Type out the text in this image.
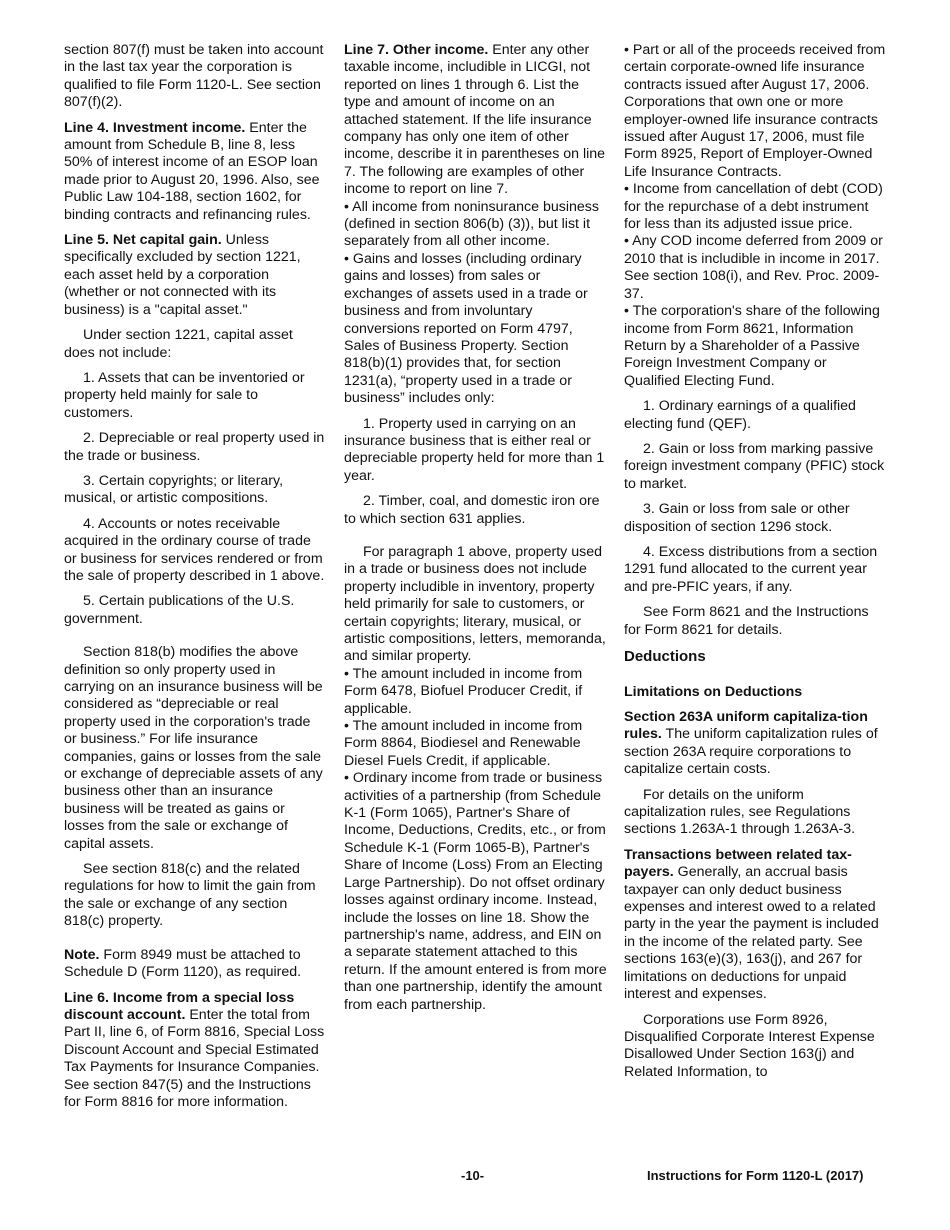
section 807(f) must be taken into account in the last tax year the corporation is qualified to file Form 1120-L. See section 807(f)(2).

Line 4. Investment income. Enter the amount from Schedule B, line 8, less 50% of interest income of an ESOP loan made prior to August 20, 1996. Also, see Public Law 104-188, section 1602, for binding contracts and refinancing rules.

Line 5. Net capital gain. Unless specifically excluded by section 1221, each asset held by a corporation (whether or not connected with its business) is a "capital asset."

Under section 1221, capital asset does not include:

1. Assets that can be inventoried or property held mainly for sale to customers.

2. Depreciable or real property used in the trade or business.

3. Certain copyrights; or literary, musical, or artistic compositions.

4. Accounts or notes receivable acquired in the ordinary course of trade or business for services rendered or from the sale of property described in 1 above.

5. Certain publications of the U.S. government.

Section 818(b) modifies the above definition so only property used in carrying on an insurance business will be considered as “depreciable or real property used in the corporation's trade or business.” For life insurance companies, gains or losses from the sale or exchange of depreciable assets of any business other than an insurance business will be treated as gains or losses from the sale or exchange of capital assets.

See section 818(c) and the related regulations for how to limit the gain from the sale or exchange of any section 818(c) property.

Note. Form 8949 must be attached to Schedule D (Form 1120), as required.

Line 6. Income from a special loss discount account. Enter the total from Part II, line 6, of Form 8816, Special Loss Discount Account and Special Estimated Tax Payments for Insurance Companies. See section 847(5) and the Instructions for Form 8816 for more information.

Line 7. Other income. Enter any other taxable income, includible in LICGI, not reported on lines 1 through 6. List the type and amount of income on an attached statement. If the life insurance company has only one item of other income, describe it in parentheses on line 7. The following are examples of other income to report on line 7.

• All income from noninsurance business (defined in section 806(b) (3)), but list it separately from all other income.

• Gains and losses (including ordinary gains and losses) from sales or exchanges of assets used in a trade or business and from involuntary conversions reported on Form 4797, Sales of Business Property. Section 818(b)(1) provides that, for section 1231(a), “property used in a trade or business” includes only:

1. Property used in carrying on an insurance business that is either real or depreciable property held for more than 1 year.

2. Timber, coal, and domestic iron ore to which section 631 applies.

For paragraph 1 above, property used in a trade or business does not include property includible in inventory, property held primarily for sale to customers, or certain copyrights; literary, musical, or artistic compositions, letters, memoranda, and similar property.

• The amount included in income from Form 6478, Biofuel Producer Credit, if applicable.

• The amount included in income from Form 8864, Biodiesel and Renewable Diesel Fuels Credit, if applicable.

• Ordinary income from trade or business activities of a partnership (from Schedule K-1 (Form 1065), Partner's Share of Income, Deductions, Credits, etc., or from Schedule K-1 (Form 1065-B), Partner's Share of Income (Loss) From an Electing Large Partnership). Do not offset ordinary losses against ordinary income. Instead, include the losses on line 18. Show the partnership's name, address, and EIN on a separate statement attached to this return. If the amount entered is from more than one partnership, identify the amount from each partnership.

• Part or all of the proceeds received from certain corporate-owned life insurance contracts issued after August 17, 2006. Corporations that own one or more employer-owned life insurance contracts issued after August 17, 2006, must file Form 8925, Report of Employer-Owned Life Insurance Contracts.

• Income from cancellation of debt (COD) for the repurchase of a debt instrument for less than its adjusted issue price.

• Any COD income deferred from 2009 or 2010 that is includible in income in 2017. See section 108(i), and Rev. Proc. 2009-37.

• The corporation's share of the following income from Form 8621, Information Return by a Shareholder of a Passive Foreign Investment Company or Qualified Electing Fund.

1. Ordinary earnings of a qualified electing fund (QEF).

2. Gain or loss from marking passive foreign investment company (PFIC) stock to market.

3. Gain or loss from sale or other disposition of section 1296 stock.

4. Excess distributions from a section 1291 fund allocated to the current year and pre-PFIC years, if any.

See Form 8621 and the Instructions for Form 8621 for details.

Deductions
Limitations on Deductions

Section 263A uniform capitaliza-tion rules. The uniform capitalization rules of section 263A require corporations to capitalize certain costs.

For details on the uniform capitalization rules, see Regulations sections 1.263A-1 through 1.263A-3.

Transactions between related tax-payers. Generally, an accrual basis taxpayer can only deduct business expenses and interest owed to a related party in the year the payment is included in the income of the related party. See sections 163(e)(3), 163(j), and 267 for limitations on deductions for unpaid interest and expenses.

Corporations use Form 8926, Disqualified Corporate Interest Expense Disallowed Under Section 163(j) and Related Information, to

-10-	Instructions for Form 1120-L (2017)
